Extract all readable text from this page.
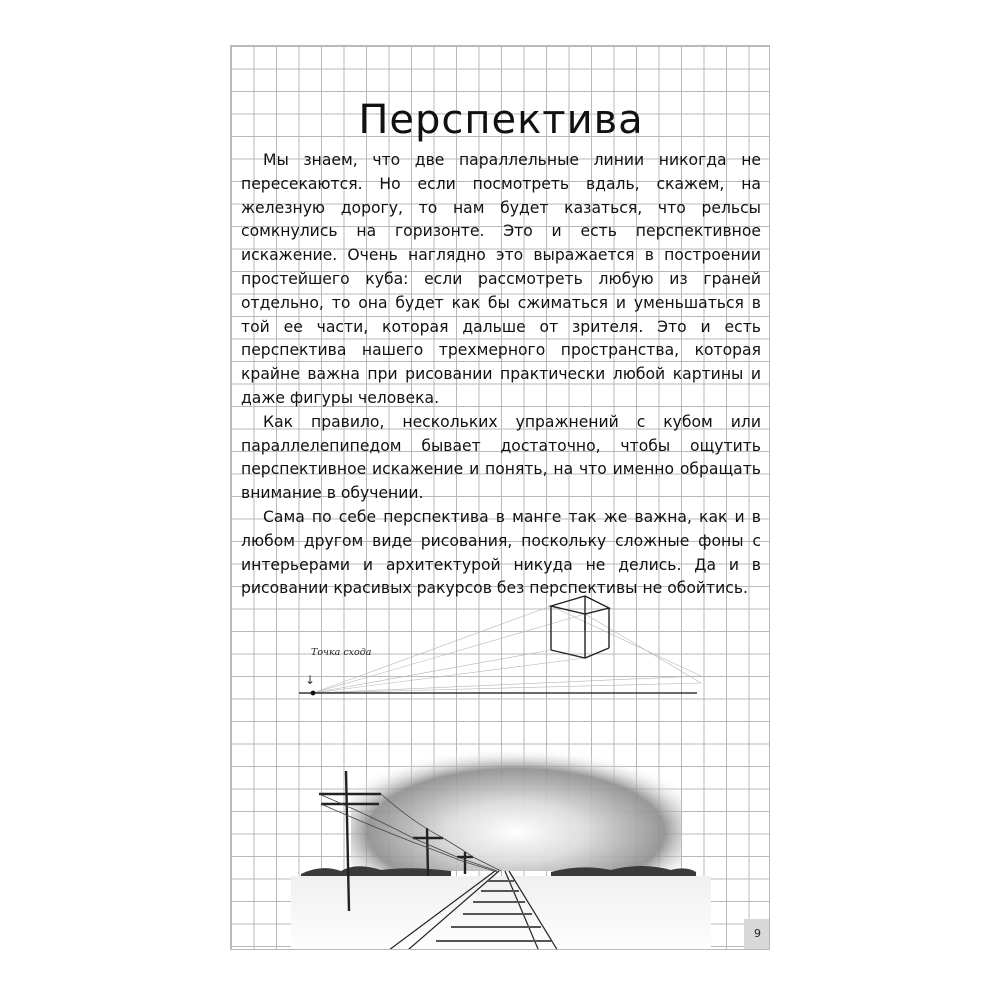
Перспектива

Мы знаем, что две параллельные линии никогда не пересекаются. Но если посмотреть вдаль, скажем, на железную дорогу, то нам будет казаться, что рельсы сомкнулись на горизонте. Это и есть перспективное искажение. Очень наглядно это выражается в построении простейшего куба: если рассмотреть любую из граней отдельно, то она будет как бы сжиматься и уменьшаться в той ее части, которая дальше от зрителя. Это и есть перспектива нашего трехмерного пространства, которая крайне важна при рисовании практически любой картины и даже фигуры человека.

Как правило, нескольких упражнений с кубом или параллелепипедом бывает достаточно, чтобы ощутить перспективное искажение и понять, на что именно обращать внимание в обучении.

Сама по себе перспектива в манге так же важна, как и в любом другом виде рисования, поскольку сложные фоны с интерьерами и архитектурой никуда не делись. Да и в рисовании красивых ракурсов без перспективы не обойтись.

Точка схода
↓
9
